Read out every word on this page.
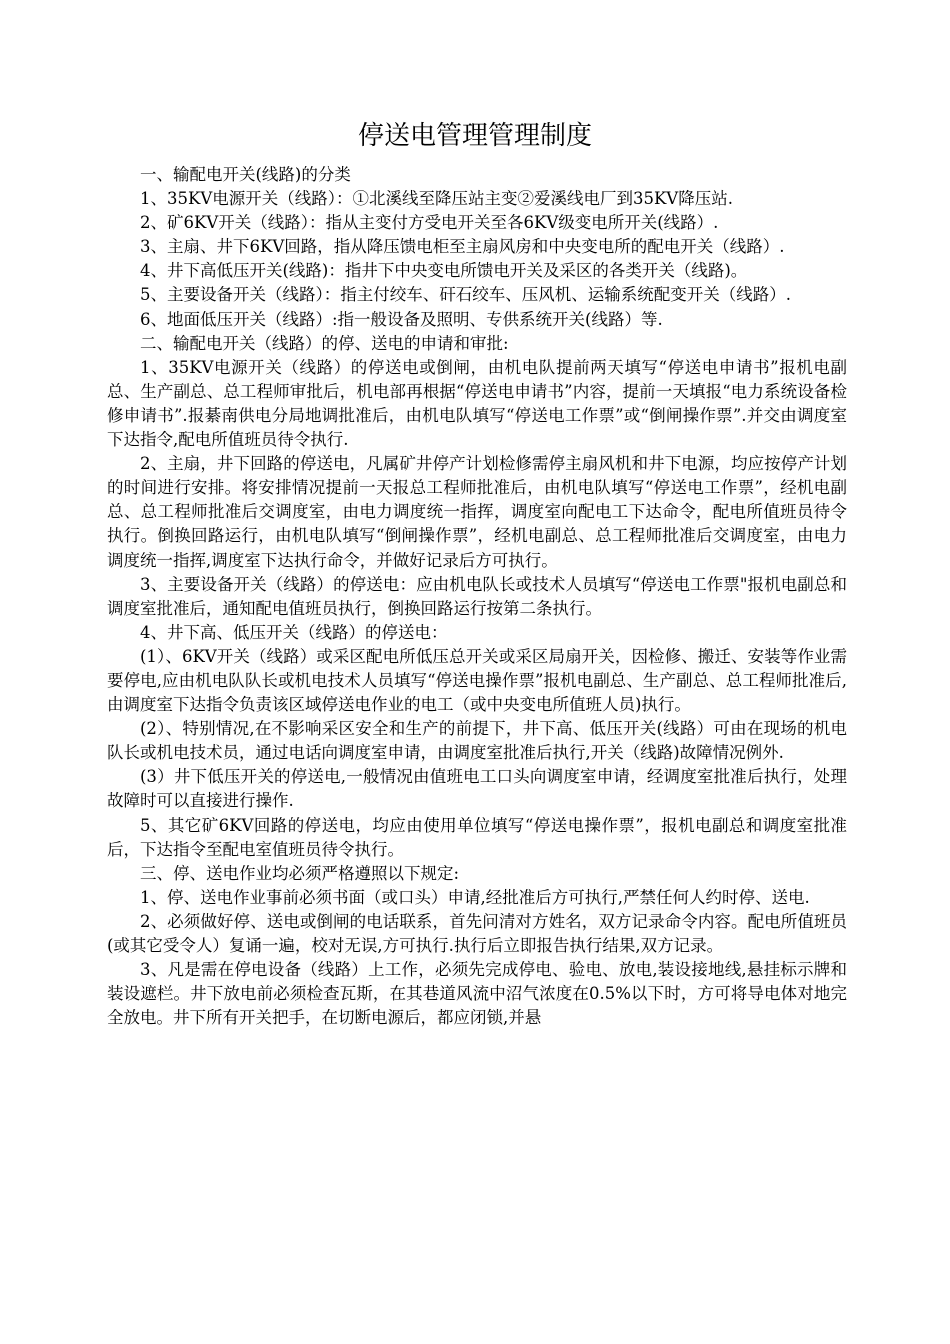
停送电管理管理制度

一、输配电开关(线路)的分类

1、35KV电源开关（线路）：①北溪线至降压站主变②爱溪线电厂到35KV降压站.

2、矿6KV开关（线路）：指从主变付方受电开关至各6KV级变电所开关(线路）.

3、主扇、井下6KV回路，指从降压馈电柜至主扇风房和中央变电所的配电开关（线路）.

4、井下高低压开关(线路)：指井下中央变电所馈电开关及采区的各类开关（线路)。

5、主要设备开关（线路）：指主付绞车、矸石绞车、压风机、运输系统配变开关（线路）.

6、地面低压开关（线路）:指一般设备及照明、专供系统开关(线路）等.

二、输配电开关（线路）的停、送电的申请和审批:

1、35KV电源开关（线路）的停送电或倒闸，由机电队提前两天填写“停送电申请书”报机电副总、生产副总、总工程师审批后，机电部再根据“停送电申请书”内容，提前一天填报“电力系统设备检修申请书”.报綦南供电分局地调批准后，由机电队填写“停送电工作票”或“倒闸操作票”.并交由调度室下达指令,配电所值班员待令执行.

2、主扇，井下回路的停送电，凡属矿井停产计划检修需停主扇风机和井下电源，均应按停产计划的时间进行安排。将安排情况提前一天报总工程师批准后，由机电队填写“停送电工作票”，经机电副总、总工程师批准后交调度室，由电力调度统一指挥，调度室向配电工下达命令，配电所值班员待令执行。倒换回路运行，由机电队填写“倒闸操作票”，经机电副总、总工程师批准后交调度室，由电力调度统一指挥,调度室下达执行命令，并做好记录后方可执行。

3、主要设备开关（线路）的停送电：应由机电队长或技术人员填写“停送电工作票"报机电副总和调度室批准后，通知配电值班员执行，倒换回路运行按第二条执行。

4、井下高、低压开关（线路）的停送电：

(1）、6KV开关（线路）或采区配电所低压总开关或采区局扇开关，因检修、搬迁、安装等作业需要停电,应由机电队队长或机电技术人员填写“停送电操作票”报机电副总、生产副总、总工程师批准后,由调度室下达指令负责该区域停送电作业的电工（或中央变电所值班人员)执行。

(2）、特别情况,在不影响采区安全和生产的前提下，井下高、低压开关(线路）可由在现场的机电队长或机电技术员，通过电话向调度室申请，由调度室批准后执行,开关（线路)故障情况例外.

(3）井下低压开关的停送电,一般情况由值班电工口头向调度室申请，经调度室批准后执行，处理故障时可以直接进行操作.

5、其它矿6KV回路的停送电，均应由使用单位填写“停送电操作票”，报机电副总和调度室批准后，下达指令至配电室值班员待令执行。

三、停、送电作业均必须严格遵照以下规定:

1、停、送电作业事前必须书面（或口头）申请,经批准后方可执行,严禁任何人约时停、送电.

2、必须做好停、送电或倒闸的电话联系，首先问清对方姓名，双方记录命令内容。配电所值班员(或其它受令人）复诵一遍，校对无误,方可执行.执行后立即报告执行结果,双方记录。

3、凡是需在停电设备（线路）上工作，必须先完成停电、验电、放电,装设接地线,悬挂标示牌和装设遮栏。井下放电前必须检查瓦斯，在其巷道风流中沼气浓度在0.5%以下时，方可将导电体对地完全放电。井下所有开关把手，在切断电源后，都应闭锁,并悬
